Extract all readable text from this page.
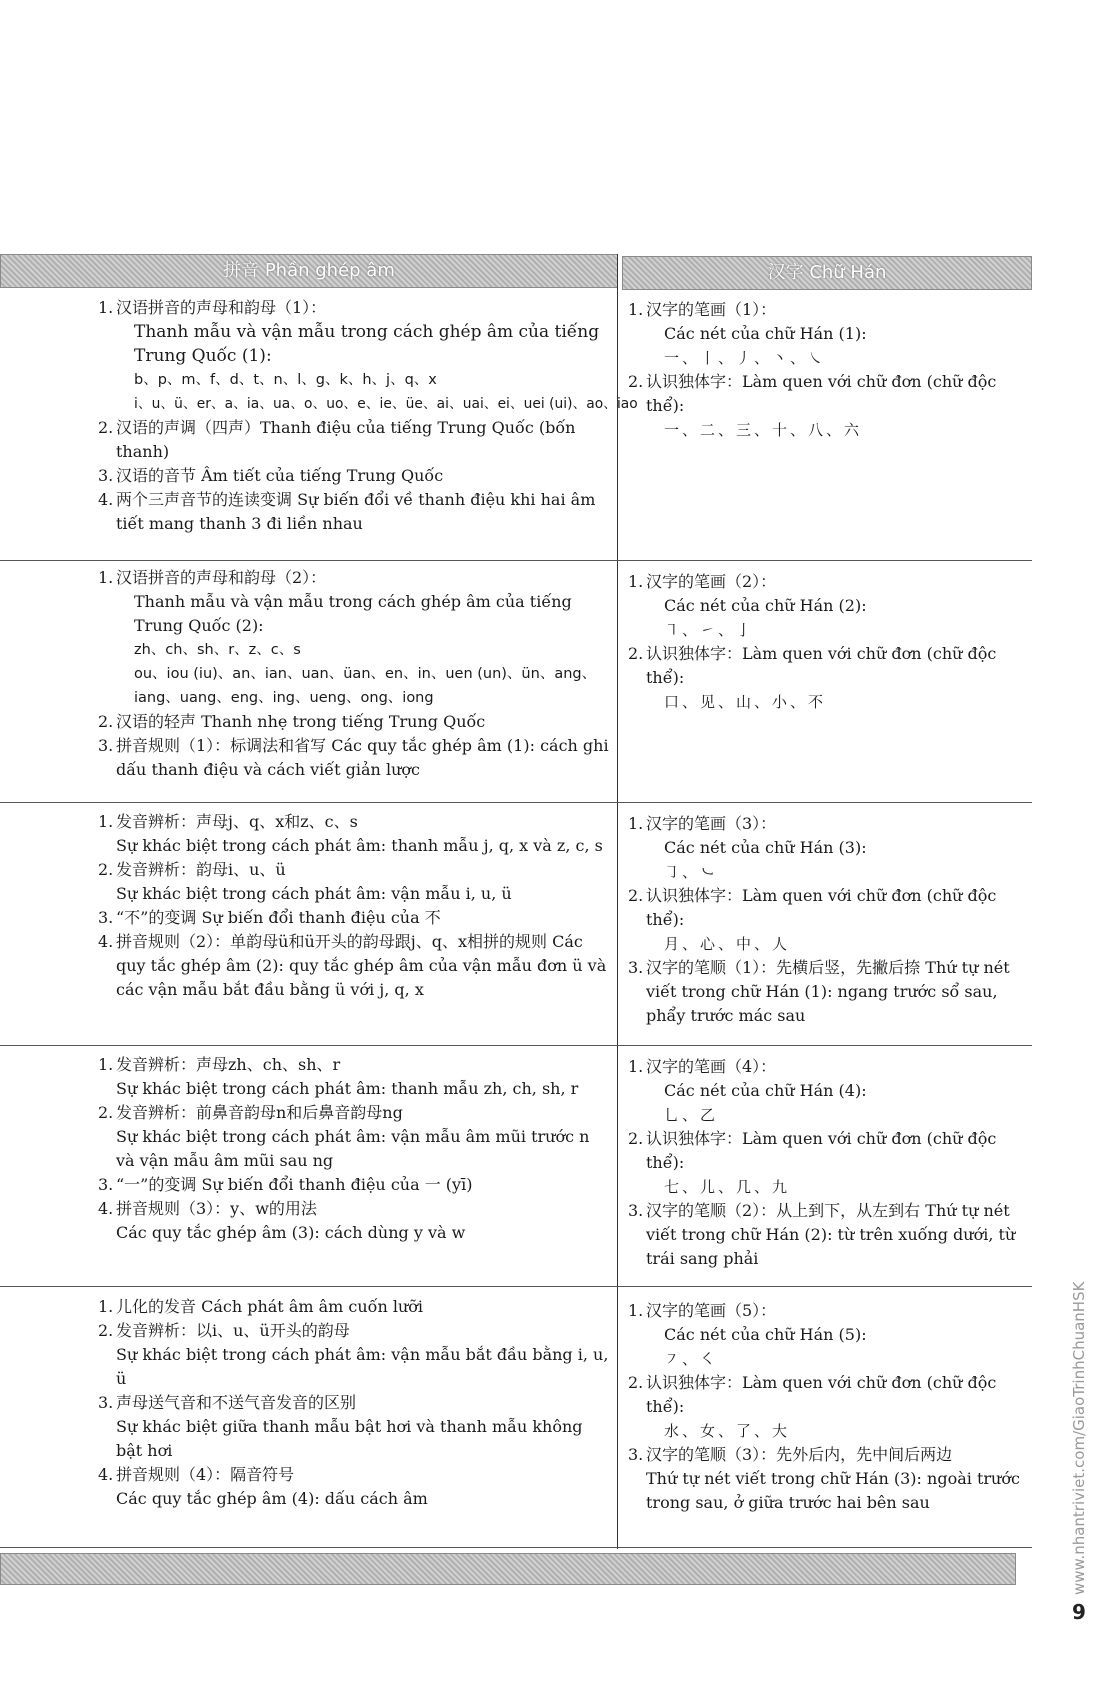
拼音 Phần ghép âm	汉字 Chữ Hán
1. 汉语拼音的声母和韵母（1）：
Thanh mẫu và vận mẫu trong cách ghép âm của tiếng Trung Quốc (1):
b、p、m、f、d、t、n、l、g、k、h、j、q、x
i、u、ü、er、a、ia、ua、o、uo、e、ie、üe、ai、uai、ei、uei (ui)、ao、iao
2. 汉语的声调（四声）Thanh điệu của tiếng Trung Quốc (bốn thanh)
3. 汉语的音节 Âm tiết của tiếng Trung Quốc
4. 两个三声音节的连读变调 Sự biến đổi về thanh điệu khi hai âm tiết mang thanh 3 đi liền nhau
1. 汉字的笔画（1）：
Các nét của chữ Hán (1):
一、丨、丿、丶、㇏
2. 认识独体字：Làm quen với chữ đơn (chữ độc thể):
一、二、三、十、八、六
1. 汉语拼音的声母和韵母（2）：
Thanh mẫu và vận mẫu trong cách ghép âm của tiếng Trung Quốc (2):
zh、ch、sh、r、z、c、s
ou、iou (iu)、an、ian、uan、üan、en、in、uen (un)、ün、ang、iang、uang、eng、ing、ueng、ong、iong
2. 汉语的轻声 Thanh nhẹ trong tiếng Trung Quốc
3. 拼音规则（1）：标调法和省写 Các quy tắc ghép âm (1): cách ghi dấu thanh điệu và cách viết giản lược
1. 汉字的笔画（2）：
Các nét của chữ Hán (2):
㇕、㇀、亅
2. 认识独体字：Làm quen với chữ đơn (chữ độc thể):
口、见、山、小、不
1. 发音辨析：声母j、q、x和z、c、s
Sự khác biệt trong cách phát âm: thanh mẫu j, q, x và z, c, s
2. 发音辨析：韵母i、u、ü
Sự khác biệt trong cách phát âm: vận mẫu i, u, ü
3. “不”的变调 Sự biến đổi thanh điệu của 不
4. 拼音规则（2）：单韵母ü和ü开头的韵母跟j、q、x相拼的规则 Các quy tắc ghép âm (2): quy tắc ghép âm của vận mẫu đơn ü và các vận mẫu bắt đầu bằng ü với j, q, x
1. 汉字的笔画（3）：
Các nét của chữ Hán (3):
㇆、㇃
2. 认识独体字：Làm quen với chữ đơn (chữ độc thể):
月、心、中、人
3. 汉字的笔顺（1）：先横后竖，先撇后捺 Thứ tự nét viết trong chữ Hán (1): ngang trước sổ sau, phẩy trước mác sau
1. 发音辨析：声母zh、ch、sh、r
Sự khác biệt trong cách phát âm: thanh mẫu zh, ch, sh, r
2. 发音辨析：前鼻音韵母n和后鼻音韵母ng
Sự khác biệt trong cách phát âm: vận mẫu âm mũi trước n và vận mẫu âm mũi sau ng
3. “一”的变调 Sự biến đổi thanh điệu của 一 (yī)
4. 拼音规则（3）：y、w的用法
Các quy tắc ghép âm (3): cách dùng y và w
1. 汉字的笔画（4）：
Các nét của chữ Hán (4):
乚、乙
2. 认识独体字：Làm quen với chữ đơn (chữ độc thể):
七、儿、几、九
3. 汉字的笔顺（2）：从上到下，从左到右 Thứ tự nét viết trong chữ Hán (2): từ trên xuống dưới, từ trái sang phải
1. 儿化的发音 Cách phát âm âm cuốn lưỡi
2. 发音辨析：以i、u、ü开头的韵母
Sự khác biệt trong cách phát âm: vận mẫu bắt đầu bằng i, u, ü
3. 声母送气音和不送气音发音的区别
Sự khác biệt giữa thanh mẫu bật hơi và thanh mẫu không bật hơi
4. 拼音规则（4）：隔音符号
Các quy tắc ghép âm (4): dấu cách âm
1. 汉字的笔画（5）：
Các nét của chữ Hán (5):
㇇、㇛
2. 认识独体字：Làm quen với chữ đơn (chữ độc thể):
水、女、了、大
3. 汉字的笔顺（3）：先外后内，先中间后两边
Thứ tự nét viết trong chữ Hán (3): ngoài trước trong sau, ở giữa trước hai bên sau	www.nhantriviet.com/GiaoTrinhChuanHSK
9
